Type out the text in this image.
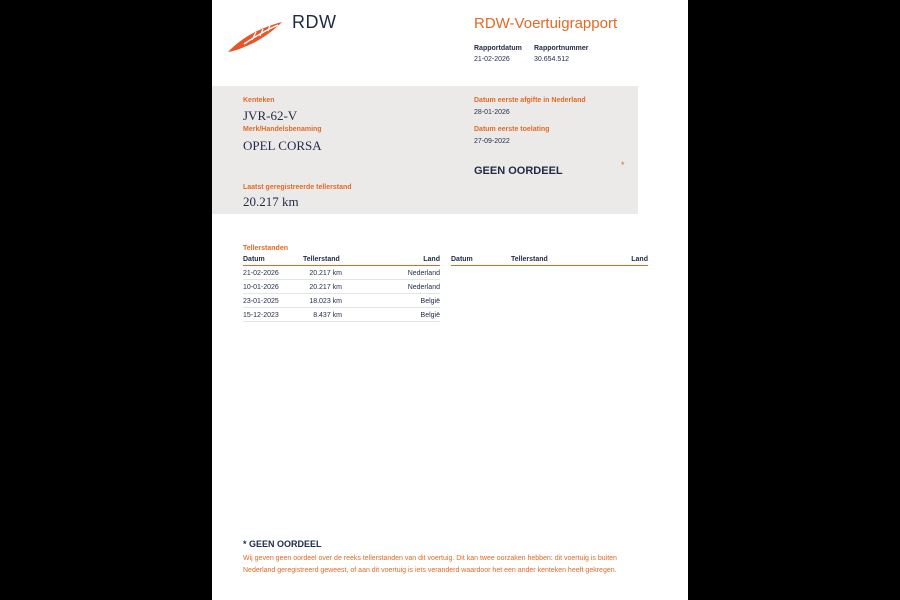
RDW	RDW-Voertuigrapport
Rapportdatum Rapportnummer
21-02-2026	30.654.512
Kenteken
JVR-62-V
Merk/Handelsbenaming
OPEL CORSA
Laatst geregistreerde tellerstand
20.217 km
Datum eerste afgifte in Nederland
28-01-2026
Datum eerste toelating
27-09-2022
GEEN OORDEEL	*
Tellerstanden
Datum	Tellerstand	Land
21-02-2026	20.217 km	Nederland
10-01-2026	20.217 km	Nederland
23-01-2025	18.023 km	België
15-12-2023	8.437 km	België
Datum	Tellerstand	Land
* GEEN OORDEEL
Wij geven geen oordeel over de reeks tellerstanden van dit voertuig. Dit kan twee oorzaken hebben: dit voertuig is buiten Nederland geregistreerd geweest, of aan dit voertuig is iets veranderd waardoor het een ander kenteken heeft gekregen.
